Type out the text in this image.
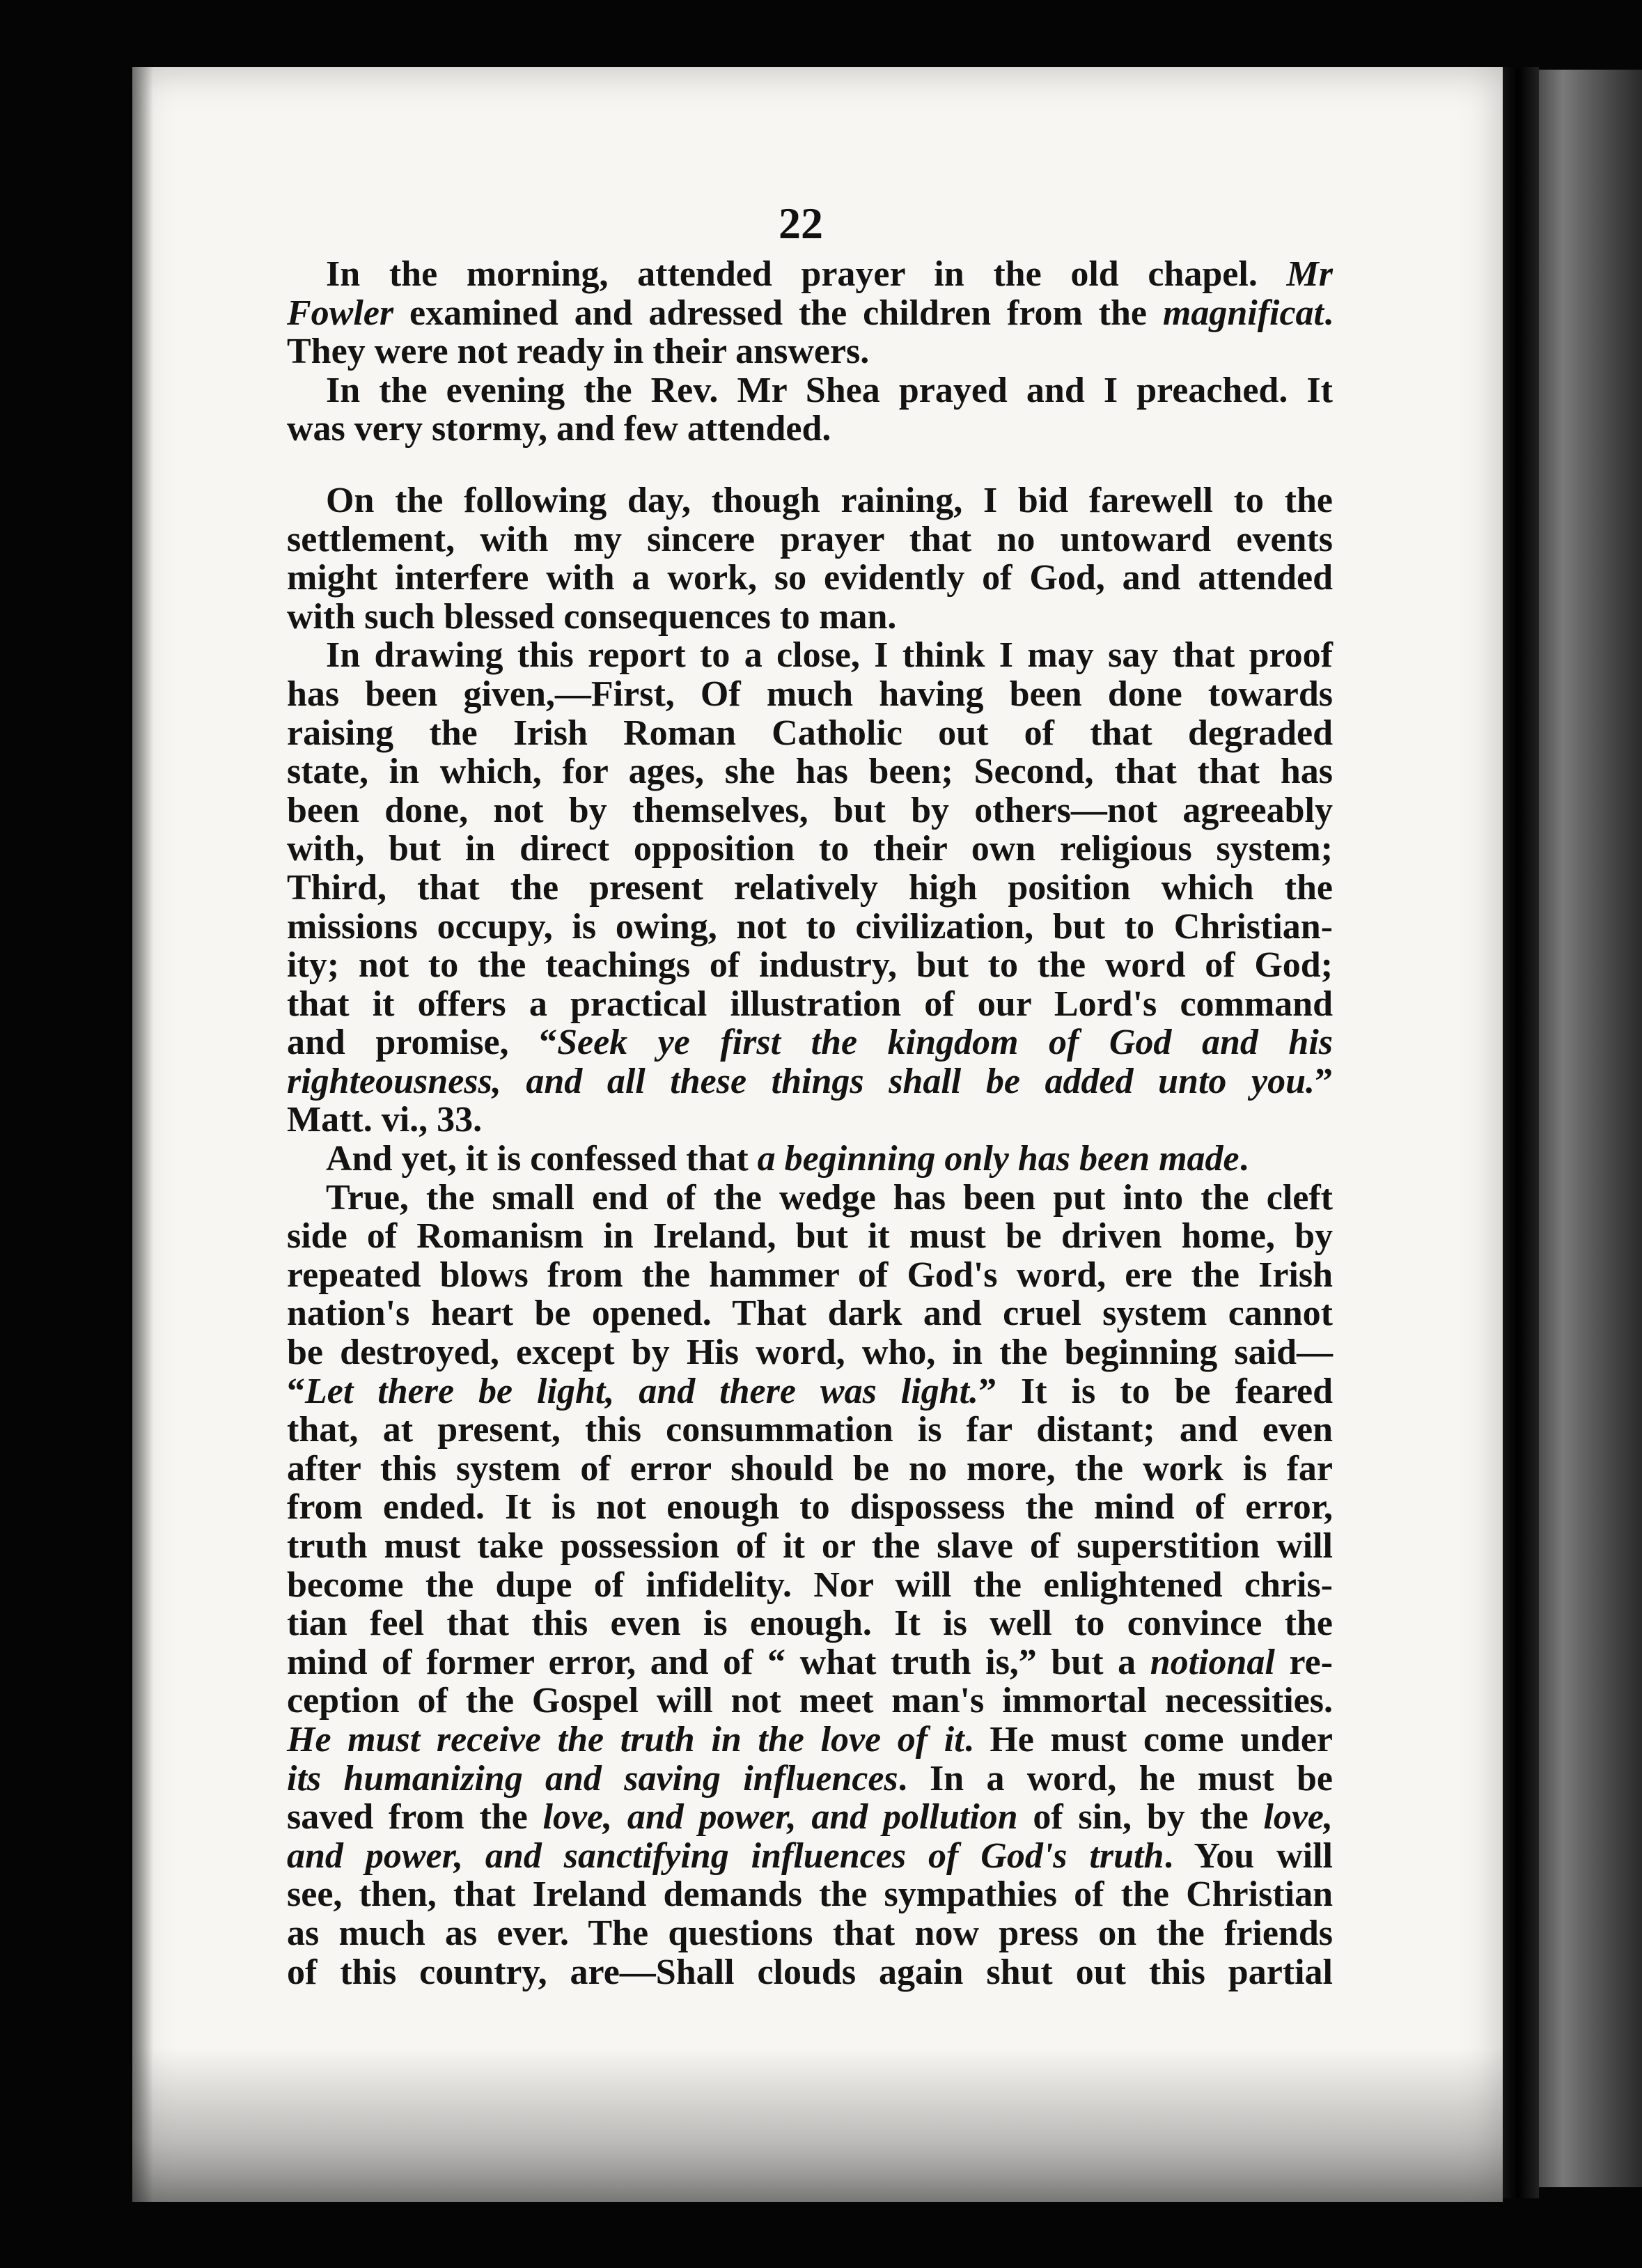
22
In the morning, attended prayer in the old chapel. Mr
Fowler examined and adressed the children from the magnificat.
They were not ready in their answers.
In the evening the Rev. Mr Shea prayed and I preached. It
was very stormy, and few attended.
On the following day, though raining, I bid farewell to the
settlement, with my sincere prayer that no untoward events
might interfere with a work, so evidently of God, and attended
with such blessed consequences to man.
In drawing this report to a close, I think I may say that proof
has been given,—First, Of much having been done towards
raising the Irish Roman Catholic out of that degraded
state, in which, for ages, she has been; Second, that that has
been done, not by themselves, but by others—not agreeably
with, but in direct opposition to their own religious system;
Third, that the present relatively high position which the
missions occupy, is owing, not to civilization, but to Christian-
ity; not to the teachings of industry, but to the word of God;
that it offers a practical illustration of our Lord's command
and promise, “Seek ye first the kingdom of God and his
righteousness, and all these things shall be added unto you.”
Matt. vi., 33.
And yet, it is confessed that a beginning only has been made.
True, the small end of the wedge has been put into the cleft
side of Romanism in Ireland, but it must be driven home, by
repeated blows from the hammer of God's word, ere the Irish
nation's heart be opened. That dark and cruel system cannot
be destroyed, except by His word, who, in the beginning said—
“Let there be light, and there was light.” It is to be feared
that, at present, this consummation is far distant; and even
after this system of error should be no more, the work is far
from ended. It is not enough to dispossess the mind of error,
truth must take possession of it or the slave of superstition will
become the dupe of infidelity. Nor will the enlightened chris-
tian feel that this even is enough. It is well to convince the
mind of former error, and of “ what truth is,” but a notional re-
ception of the Gospel will not meet man's immortal necessities.
He must receive the truth in the love of it. He must come under
its humanizing and saving influences. In a word, he must be
saved from the love, and power, and pollution of sin, by the love,
and power, and sanctifying influences of God's truth. You will
see, then, that Ireland demands the sympathies of the Christian
as much as ever. The questions that now press on the friends
of this country, are—Shall clouds again shut out this partial
